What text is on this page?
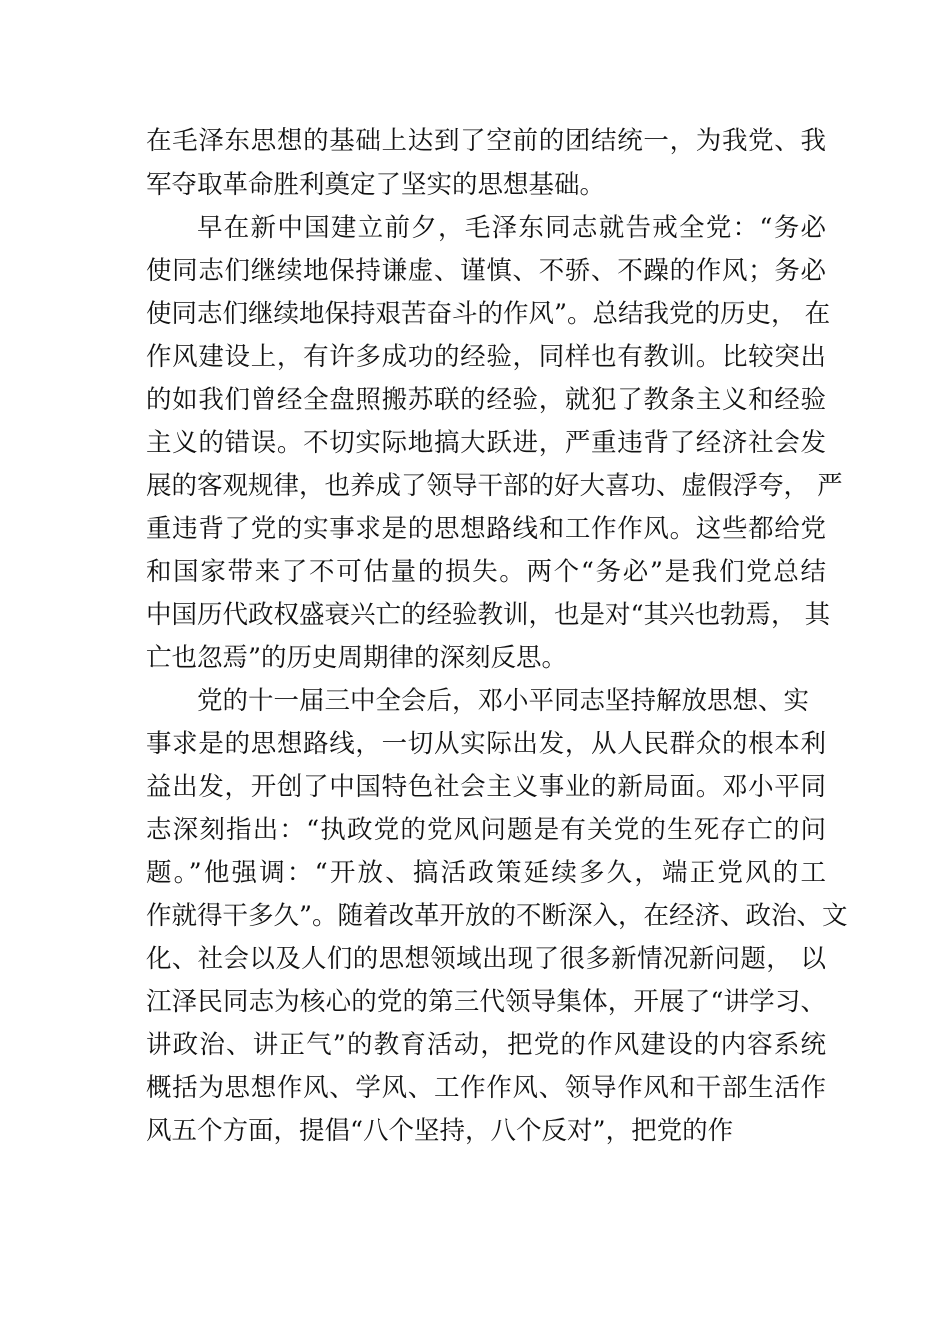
在毛泽东思想的基础上达到了空前的团结统一，为我党、我

军夺取革命胜利奠定了坚实的思想基础。

早在新中国建立前夕，毛泽东同志就告戒全党：“务必

使同志们继续地保持谦虚、谨慎、不骄、不躁的作风；务必

使同志们继续地保持艰苦奋斗的作风”。总结我党的历史， 在

作风建设上，有许多成功的经验，同样也有教训。比较突出

的如我们曾经全盘照搬苏联的经验，就犯了教条主义和经验

主义的错误。不切实际地搞大跃进，严重违背了经济社会发

展的客观规律，也养成了领导干部的好大喜功、虚假浮夸， 严

重违背了党的实事求是的思想路线和工作作风。这些都给党

和国家带来了不可估量的损失。两个“务必”是我们党总结

中国历代政权盛衰兴亡的经验教训，也是对“其兴也勃焉， 其

亡也忽焉”的历史周期律的深刻反思。

党的十一届三中全会后，邓小平同志坚持解放思想、实

事求是的思想路线，一切从实际出发，从人民群众的根本利

益出发，开创了中国特色社会主义事业的新局面。邓小平同

志深刻指出：“执政党的党风问题是有关党的生死存亡的问

题。”他强调：“开放、搞活政策延续多久，端正党风的工

作就得干多久”。随着改革开放的不断深入，在经济、政治、文

化、社会以及人们的思想领域出现了很多新情况新问题， 以

江泽民同志为核心的党的第三代领导集体，开展了“讲学习、

讲政治、讲正气”的教育活动，把党的作风建设的内容系统

概括为思想作风、学风、工作作风、领导作风和干部生活作

风五个方面，提倡“八个坚持，八个反对”，把党的作
